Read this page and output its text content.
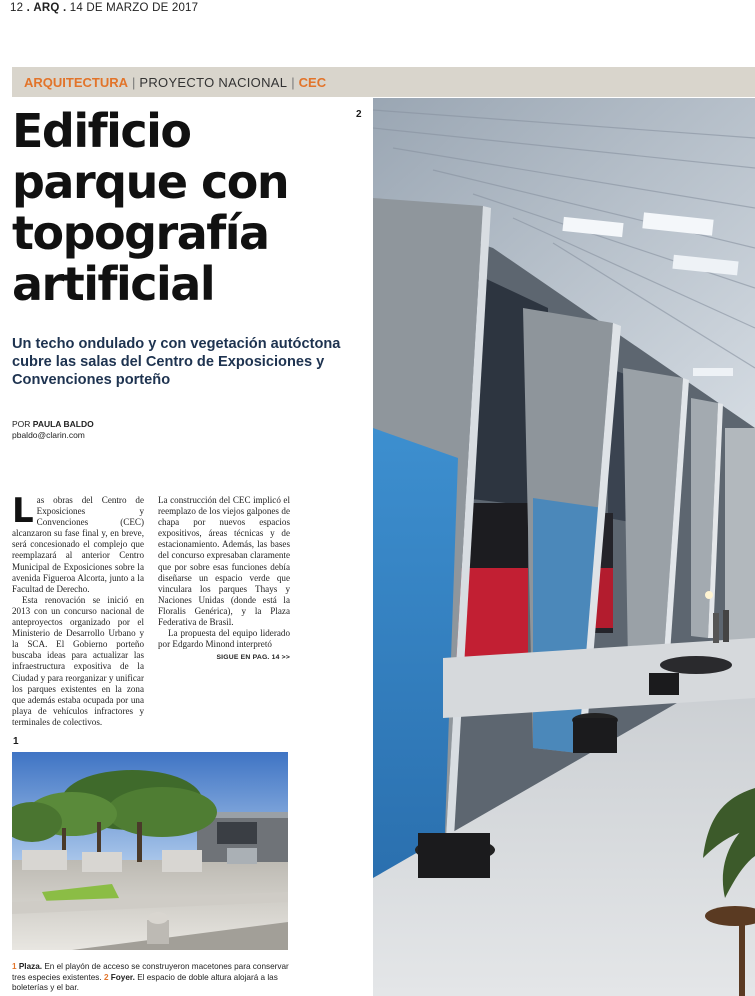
12 . ARQ . 14 DE MARZO DE 2017
ARQUITECTURA | PROYECTO NACIONAL | CEC
Edificio
parque con
topografía
artificial
Un techo ondulado y con vegetación autóctona cubre las salas del Centro de Exposiciones y Convenciones porteño
POR PAULA BALDO
pbaldo@clarin.com
2

Las obras del Centro de Exposiciones y Convenciones (CEC) alcanzaron su fase final y, en breve, será concesionado el complejo que reemplazará al anterior Centro Municipal de Exposiciones sobre la avenida Figueroa Alcorta, junto a la Facultad de Derecho.

Esta renovación se inició en 2013 con un concurso nacional de anteproyectos organizado por el Ministerio de Desarrollo Urbano y la SCA. El Gobierno porteño buscaba ideas para actualizar las infraestructura expositiva de la Ciudad y para reorganizar y unificar los parques existentes en la zona que además estaba ocupada por una playa de vehículos infractores y terminales de colectivos.

La construcción del CEC implicó el reemplazo de los viejos galpones de chapa por nuevos espacios expositivos, áreas técnicas y de estacionamiento. Además, las bases del concurso expresaban claramente que por sobre esas funciones debía diseñarse un espacio verde que vinculara los parques Thays y Naciones Unidas (donde está la Floralis Genérica), y la Plaza Federativa de Brasil.

La propuesta del equipo liderado por Edgardo Minond interpretó

SIGUE EN PAG. 14 >>
1
1 Plaza. En el playón de acceso se construyeron macetones para conservar tres especies existentes. 2 Foyer. El espacio de doble altura alojará a las boleterías y el bar.
